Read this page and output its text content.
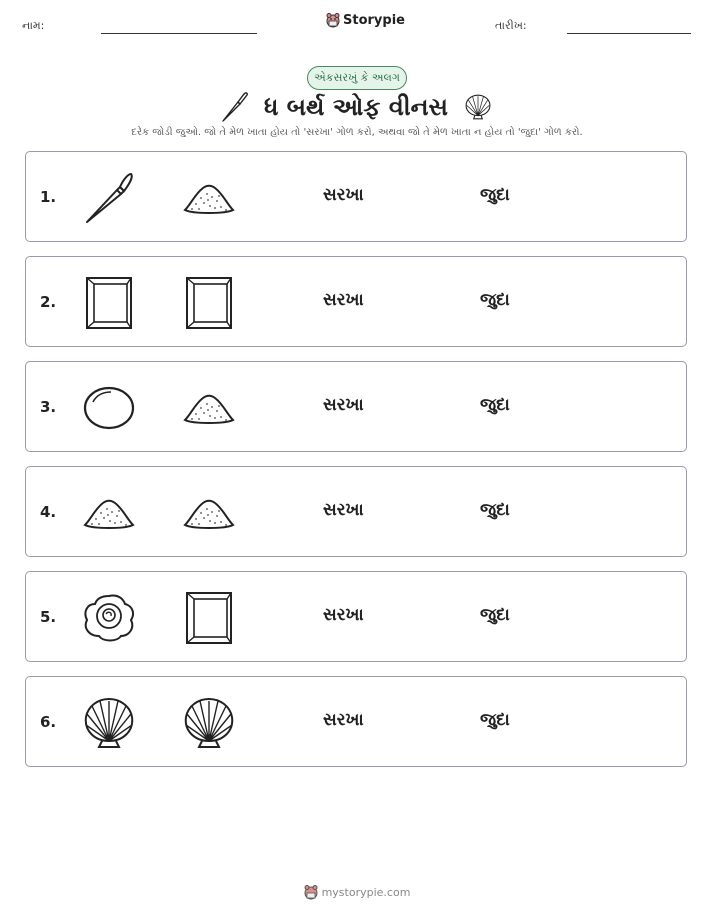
નામ:	Storypie	તારીખ:
એકસરખું કે અલગ
ધ બર્થ ઓફ વીનસ
દરેક જોડી જુઓ. જો તે મેળ ખાતા હોય તો 'સરખા' ગોળ કરો, અથવા જો તે મેળ ખાતા ન હોય તો 'જુદા' ગોળ કરો.
1.	સરખા	જુદા
2.	સરખા	જુદા
3.	સરખા	જુદા
4.	સરખા	જુદા
5.	સરખા	જુદા
6.	સરખા	જુદા
mystorypie.com
